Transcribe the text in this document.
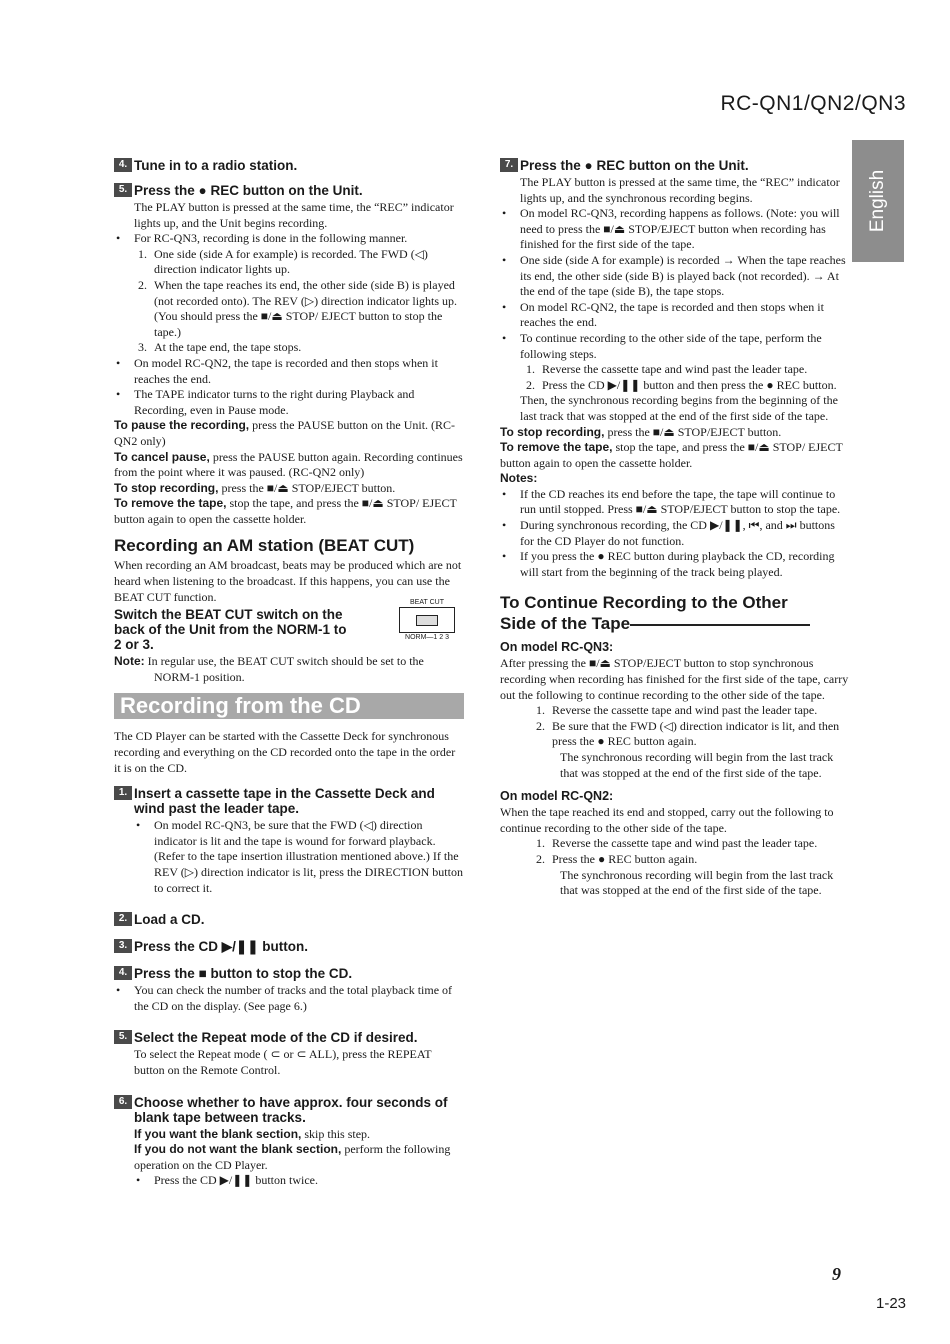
RC-QN1/QN2/QN3
English
4. Tune in to a radio station.
5. Press the ● REC button on the Unit.

The PLAY button is pressed at the same time, the “REC” indicator lights up, and the Unit begins recording.

• For RC-QN3, recording is done in the following manner.
1. One side (side A for example) is recorded. The FWD (◁) direction indicator lights up.
2. When the tape reaches its end, the other side (side B) is played (not recorded onto). The REV (▷) direction indicator lights up. (You should press the ■/⏏ STOP/ EJECT button to stop the tape.)
3. At the tape end, the tape stops.
• On model RC-QN2, the tape is recorded and then stops when it reaches the end.
• The TAPE indicator turns to the right during Playback and Recording, even in Pause mode.

To pause the recording, press the PAUSE button on the Unit. (RC-QN2 only)

To cancel pause, press the PAUSE button again. Recording continues from the point where it was paused. (RC-QN2 only)

To stop recording, press the ■/⏏ STOP/EJECT button.

To remove the tape, stop the tape, and press the ■/⏏ STOP/ EJECT button again to open the cassette holder.

Recording an AM station (BEAT CUT)

When recording an AM broadcast, beats may be produced which are not heard when listening to the broadcast. If this happens, you can use the BEAT CUT function.

Switch the BEAT CUT switch on the back of the Unit from the NORM-1 to 2 or 3.
BEAT CUT
NORM—1 2 3

Note: In regular use, the BEAT CUT switch should be set to the NORM-1 position.

Recording from the CD

The CD Player can be started with the Cassette Deck for synchronous recording and everything on the CD recorded onto the tape in the order it is on the CD.

1. Insert a cassette tape in the Cassette Deck and wind past the leader tape.
• On model RC-QN3, be sure that the FWD (◁) direction indicator is lit and the tape is wound for forward playback. (Refer to the tape insertion illustration mentioned above.) If the REV (▷) direction indicator is lit, press the DIRECTION button to correct it.
2. Load a CD.
3. Press the CD ▶/❚❚ button.
4. Press the ■ button to stop the CD.
• You can check the number of tracks and the total playback time of the CD on the display. (See page 6.)
5. Select the Repeat mode of the CD if desired.

To select the Repeat mode ( ⊂ or ⊂ ALL), press the REPEAT button on the Remote Control.

6. Choose whether to have approx. four seconds of blank tape between tracks.

If you want the blank section, skip this step.

If you do not want the blank section, perform the following operation on the CD Player.

• Press the CD ▶/❚❚ button twice.
7. Press the ● REC button on the Unit.

The PLAY button is pressed at the same time, the “REC” indicator lights up, and the synchronous recording begins.

• On model RC-QN3, recording happens as follows. (Note: you will need to press the ■/⏏ STOP/EJECT button when recording has finished for the first side of the tape.
• One side (side A for example) is recorded → When the tape reaches its end, the other side (side B) is played back (not recorded). → At the end of the tape (side B), the tape stops.
• On model RC-QN2, the tape is recorded and then stops when it reaches the end.
• To continue recording to the other side of the tape, perform the following steps.
1. Reverse the cassette tape and wind past the leader tape.
2. Press the CD ▶/❚❚ button and then press the ● REC button.

Then, the synchronous recording begins from the beginning of the last track that was stopped at the end of the first side of the tape.

To stop recording, press the ■/⏏ STOP/EJECT button.

To remove the tape, stop the tape, and press the ■/⏏ STOP/ EJECT button again to open the cassette holder.

Notes:

• If the CD reaches its end before the tape, the tape will continue to run until stopped. Press ■/⏏ STOP/EJECT button to stop the tape.
• During synchronous recording, the CD ▶/❚❚, ⏮, and ⏭ buttons for the CD Player do not function.
• If you press the ● REC button during playback the CD, recording will start from the beginning of the track being played.
To Continue Recording to the Other
Side of the Tape
On model RC-QN3:

After pressing the ■/⏏ STOP/EJECT button to stop synchronous recording when recording has finished for the first side of the tape, carry out the following to continue recording to the other side of the tape.

1. Reverse the cassette tape and wind past the leader tape.
2. Be sure that the FWD (◁) direction indicator is lit, and then press the ● REC button again.

The synchronous recording will begin from the last track that was stopped at the end of the first side of the tape.

On model RC-QN2:

When the tape reached its end and stopped, carry out the following to continue recording to the other side of the tape.

1. Reverse the cassette tape and wind past the leader tape.
2. Press the ● REC button again.

The synchronous recording will begin from the last track that was stopped at the end of the first side of the tape.

9
1-23
